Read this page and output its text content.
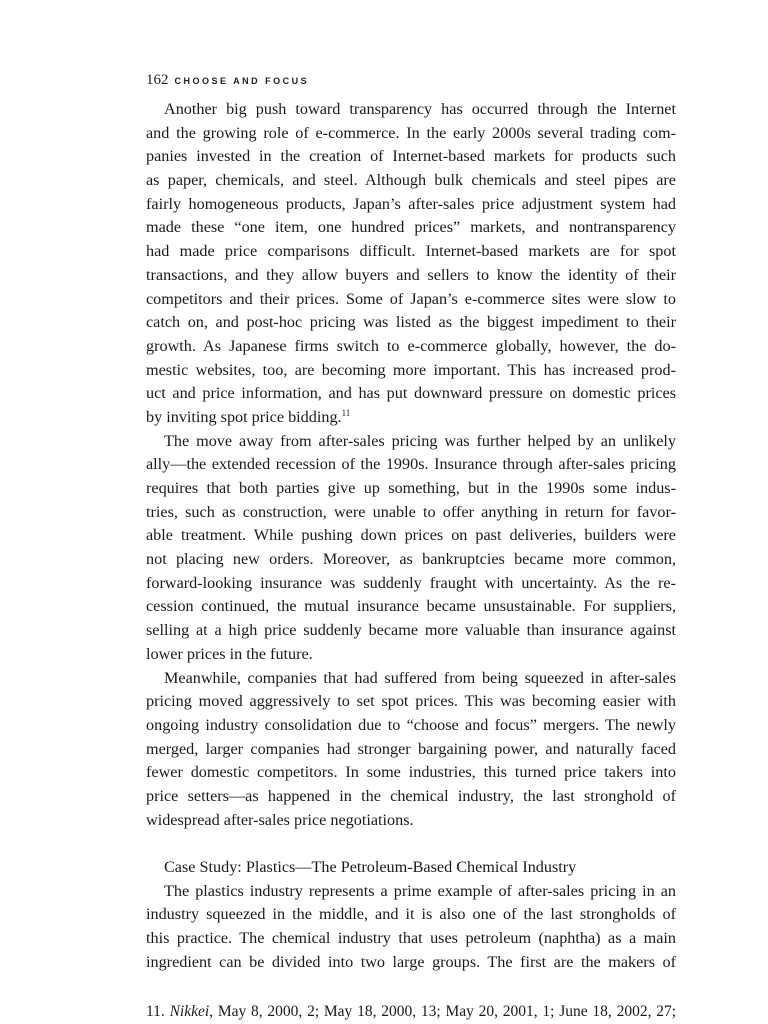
162 CHOOSE AND FOCUS
Another big push toward transparency has occurred through the Internet
and the growing role of e-commerce. In the early 2000s several trading com-
panies invested in the creation of Internet-based markets for products such
as paper, chemicals, and steel. Although bulk chemicals and steel pipes are
fairly homogeneous products, Japan’s after-sales price adjustment system had
made these “one item, one hundred prices” markets, and nontransparency
had made price comparisons difficult. Internet-based markets are for spot
transactions, and they allow buyers and sellers to know the identity of their
competitors and their prices. Some of Japan’s e-commerce sites were slow to
catch on, and post-hoc pricing was listed as the biggest impediment to their
growth. As Japanese firms switch to e-commerce globally, however, the do-
mestic websites, too, are becoming more important. This has increased prod-
uct and price information, and has put downward pressure on domestic prices
by inviting spot price bidding.$^{11}$
The move away from after-sales pricing was further helped by an unlikely
ally—the extended recession of the 1990s. Insurance through after-sales pricing
requires that both parties give up something, but in the 1990s some indus-
tries, such as construction, were unable to offer anything in return for favor-
able treatment. While pushing down prices on past deliveries, builders were
not placing new orders. Moreover, as bankruptcies became more common,
forward-looking insurance was suddenly fraught with uncertainty. As the re-
cession continued, the mutual insurance became unsustainable. For suppliers,
selling at a high price suddenly became more valuable than insurance against
lower prices in the future.
Meanwhile, companies that had suffered from being squeezed in after-sales
pricing moved aggressively to set spot prices. This was becoming easier with
ongoing industry consolidation due to “choose and focus” mergers. The newly
merged, larger companies had stronger bargaining power, and naturally faced
fewer domestic competitors. In some industries, this turned price takers into
price setters—as happened in the chemical industry, the last stronghold of
widespread after-sales price negotiations.
Case Study: Plastics—The Petroleum-Based Chemical Industry
The plastics industry represents a prime example of after-sales pricing in an
industry squeezed in the middle, and it is also one of the last strongholds of
this practice. The chemical industry that uses petroleum (naphtha) as a main
ingredient can be divided into two large groups. The first are the makers of
11. Nikkei, May 8, 2000, 2; May 18, 2000, 13; May 20, 2001, 1; June 18, 2002, 27;
